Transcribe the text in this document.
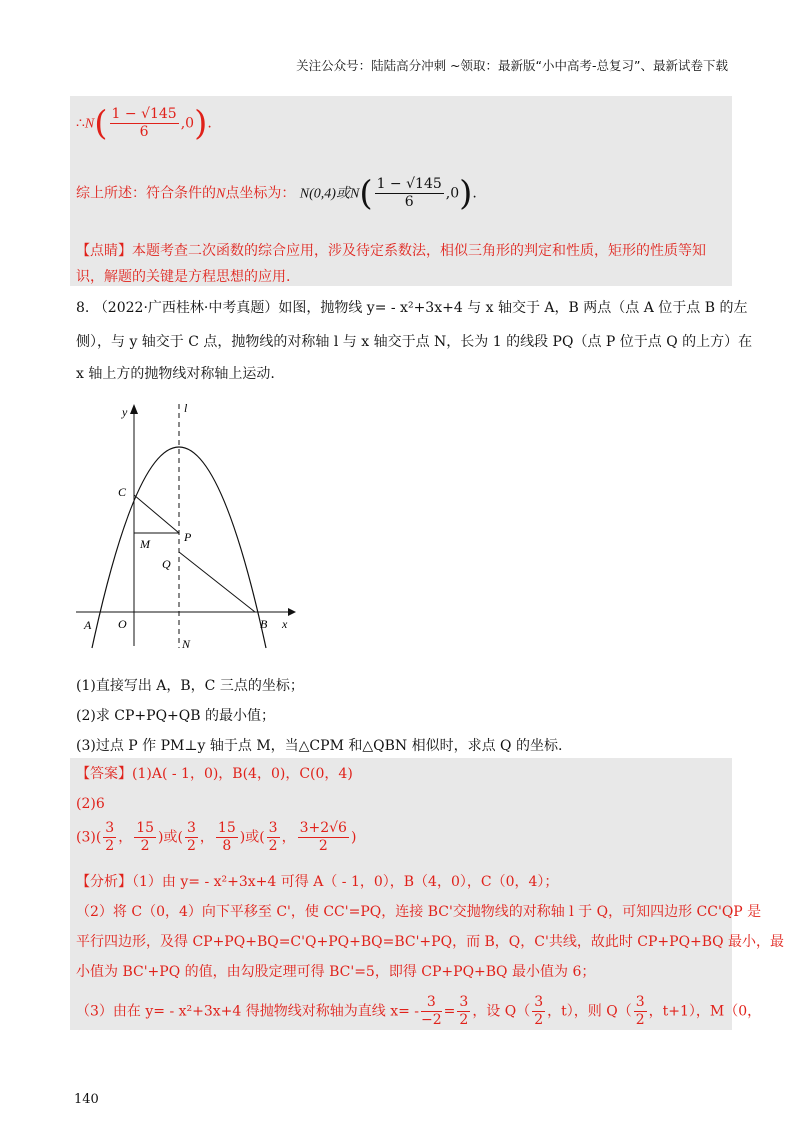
关注公众号：陆陆高分冲刺 ~领取：最新版“小中高考-总复习”、最新试卷下载
∴N( $\frac{1 - √145}{6} ,0$).
综上所述：符合条件的N点坐标为： N(0,4)或$N( \frac{1 - √145}{6} ,0)$.
【点睛】本题考查二次函数的综合应用，涉及待定系数法，相似三角形的判定和性质，矩形的性质等知识，解题的关键是方程思想的应用.
8. （2022·广西桂林·中考真题）如图，抛物线 y= - x²+3x+4 与 x 轴交于 A，B 两点（点 A 位于点 B 的左
侧），与 y 轴交于 C 点，抛物线的对称轴 l 与 x 轴交于点 N，长为 1 的线段 PQ（点 P 位于点 Q 的上方）在
x 轴上方的抛物线对称轴上运动.
y	l
C
M	P
Q
A O	B x
N
(1)直接写出 A，B，C 三点的坐标；
(2)求 CP+PQ+QB 的最小值；
(3)过点 P 作 PM⊥y 轴于点 M，当△CPM 和△QBN 相似时，求点 Q 的坐标.
【答案】(1)A( - 1，0)，B(4，0)，C(0，4)
(2)6
$(3)( \frac{3}{2}$ ， $\frac{15}{2}$ )或( $\frac{3}{2}$ ， $\frac{15}{8}$ )或( $\frac{3}{2}$ ， $\frac{3+2√6}{2}$ )
【分析】（1）由 y= - x²+3x+4 可得 A（ - 1，0），B（4，0），C（0，4）；
（2）将 C（0，4）向下平移至 C'，使 CC'=PQ，连接 BC'交抛物线的对称轴 l 于 Q，可知四边形 CC'QP 是
平行四边形，及得 CP+PQ+BQ=C'Q+PQ+BQ=BC'+PQ，而 B，Q，C'共线，故此时 CP+PQ+BQ 最小，最
小值为 BC'+PQ 的值，由勾股定理可得 BC'=5，即得 CP+PQ+BQ 最小值为 6；
（3）由在 y= - x²+3x+4 得抛物线对称轴为直线 $x= - \frac{3}{-2} = \frac{3}{2}$ ，设 $Q( \frac{3}{2}$ ，t），则 $Q( \frac{3}{2}$ ，t+1），M（0，
140
